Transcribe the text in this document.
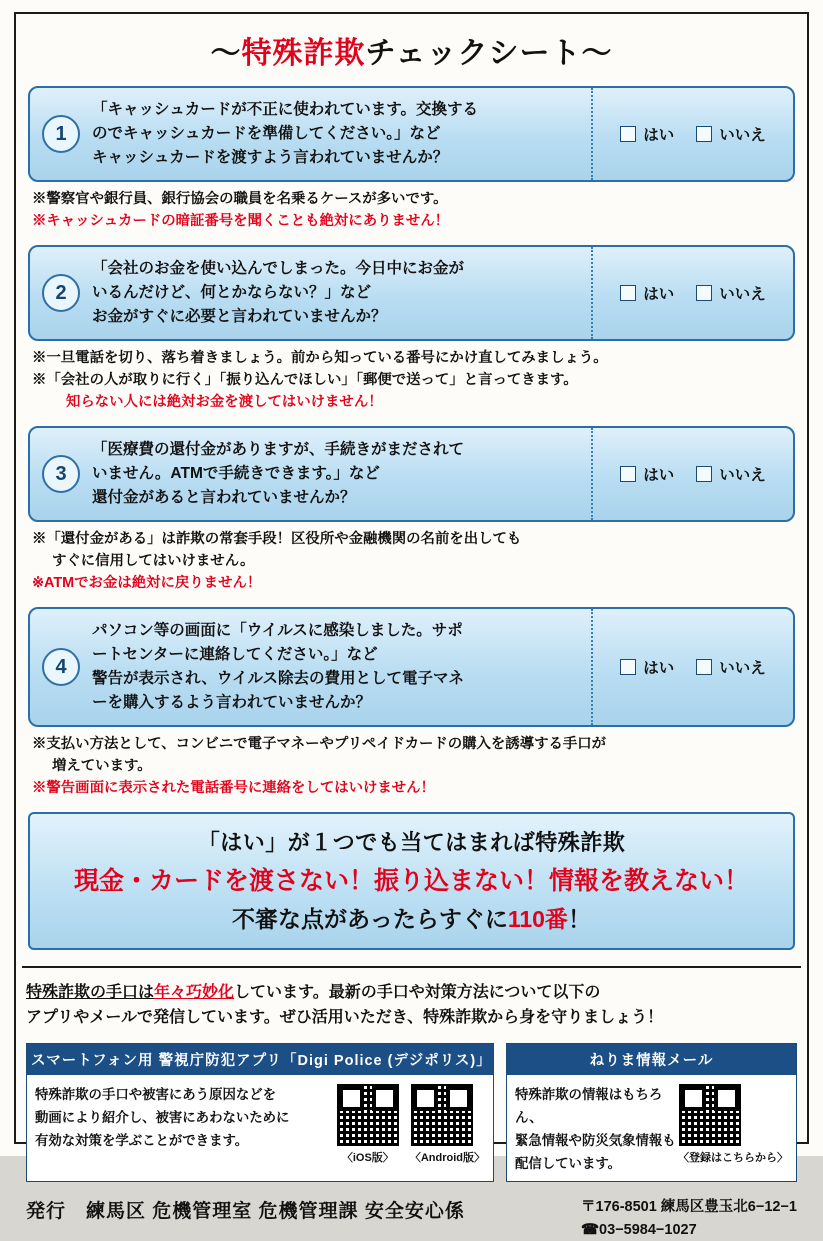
〜特殊詐欺チェックシート〜
1
「キャッシュカードが不正に使われています。交換する
のでキャッシュカードを準備してください。」など
キャッシュカードを渡すよう言われていませんか？
はい	いいえ
※警察官や銀行員、銀行協会の職員を名乗るケースが多いです。
※キャッシュカードの暗証番号を聞くことも絶対にありません！
2
「会社のお金を使い込んでしまった。今日中にお金が
いるんだけど、何とかならない？」など
お金がすぐに必要と言われていませんか？
はい	いいえ
※一旦電話を切り、落ち着きましょう。前から知っている番号にかけ直してみましょう。
※「会社の人が取りに行く」「振り込んでほしい」「郵便で送って」と言ってきます。
知らない人には絶対お金を渡してはいけません！
3
「医療費の還付金がありますが、手続きがまだされて
いません。ATMで手続きできます。」など
還付金があると言われていませんか？
はい	いいえ
※「還付金がある」は詐欺の常套手段！区役所や金融機関の名前を出しても
すぐに信用してはいけません。
※ATMでお金は絶対に戻りません！
4
パソコン等の画面に「ウイルスに感染しました。サポ
ートセンターに連絡してください。」など
警告が表示され、ウイルス除去の費用として電子マネ
ーを購入するよう言われていませんか？
はい	いいえ
※支払い方法として、コンビニで電子マネーやプリペイドカードの購入を誘導する手口が
増えています。
※警告画面に表示された電話番号に連絡をしてはいけません！
「はい」が１つでも当てはまれば特殊詐欺
現金・カードを渡さない！振り込まない！情報を教えない！
不審な点があったらすぐに110番！
特殊詐欺の手口は年々巧妙化しています。最新の手口や対策方法について以下の
アプリやメールで発信しています。ぜひ活用いただき、特殊詐欺から身を守りましょう！
スマートフォン用 警視庁防犯アプリ「Digi Police (デジポリス)」
特殊詐欺の手口や被害にあう原因などを
動画により紹介し、被害にあわないために
有効な対策を学ぶことができます。
〈iOS版〉	〈Android版〉
ねりま情報メール
特殊詐欺の情報はもちろん、
緊急情報や防災気象情報も
配信しています。	〈登録はこちらから〉
発行　練馬区 危機管理室 危機管理課 安全安心係	〒176-8501 練馬区豊玉北6−12−1
☎03−5984−1027
